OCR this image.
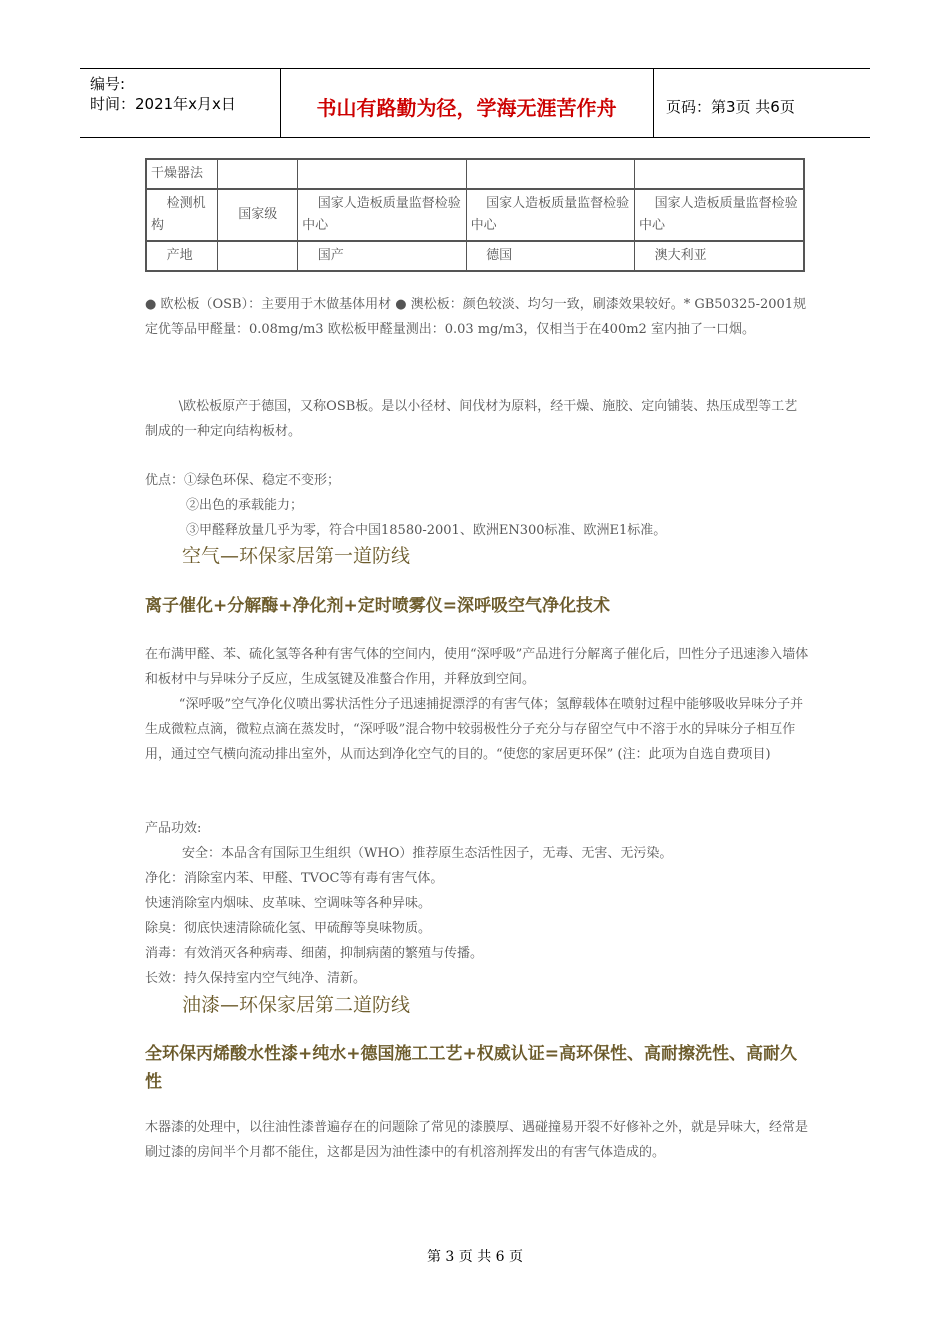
编号:
时间：2021年x月x日	书山有路勤为径，学海无涯苦作舟	页码：第3页 共6页
干燥器法				
检测机构	国家级	国家人造板质量监督检验中心	国家人造板质量监督检验中心	国家人造板质量监督检验中心
产地		国产	德国	澳大利亚
● 欧松板（OSB）：主要用于木做基体用材 ● 澳松板：颜色较淡、均匀一致，刷漆效果较好。* GB50325-2001规定优等品甲醛量：0.08mg/m3 欧松板甲醛量测出：0.03 mg/m3，仅相当于在400m2 室内抽了一口烟。
\欧松板原产于德国，又称OSB板。是以小径材、间伐材为原料，经干燥、施胶、定向铺装、热压成型等工艺制成的一种定向结构板材。
优点：①绿色环保、稳定不变形；
②出色的承载能力；
③甲醛释放量几乎为零，符合中国18580-2001、欧洲EN300标准、欧洲E1标准。
空气—环保家居第一道防线
离子催化+分解酶+净化剂+定时喷雾仪=深呼吸空气净化技术
在布满甲醛、苯、硫化氢等各种有害气体的空间内，使用“深呼吸”产品进行分解离子催化后，凹性分子迅速渗入墙体和板材中与异味分子反应，生成氢键及准螯合作用，并释放到空间。
“深呼吸”空气净化仪喷出雾状活性分子迅速捕捉漂浮的有害气体；氢醇载体在喷射过程中能够吸收异味分子并生成微粒点滴，微粒点滴在蒸发时，“深呼吸”混合物中较弱极性分子充分与存留空气中不溶于水的异味分子相互作用，通过空气横向流动排出室外，从而达到净化空气的目的。“使您的家居更环保” (注：此项为自选自费项目)
产品功效:
安全：本品含有国际卫生组织（WHO）推荐原生态活性因子，无毒、无害、无污染。
净化：消除室内苯、甲醛、TVOC等有毒有害气体。
快速消除室内烟味、皮革味、空调味等各种异味。
除臭：彻底快速清除硫化氢、甲硫醇等臭味物质。
消毒：有效消灭各种病毒、细菌，抑制病菌的繁殖与传播。
长效：持久保持室内空气纯净、清新。
油漆—环保家居第二道防线
全环保丙烯酸水性漆+纯水+德国施工工艺+权威认证=高环保性、高耐擦洗性、高耐久性
木器漆的处理中，以往油性漆普遍存在的问题除了常见的漆膜厚、遇碰撞易开裂不好修补之外，就是异味大，经常是刷过漆的房间半个月都不能住，这都是因为油性漆中的有机溶剂挥发出的有害气体造成的。
第 3 页 共 6 页
